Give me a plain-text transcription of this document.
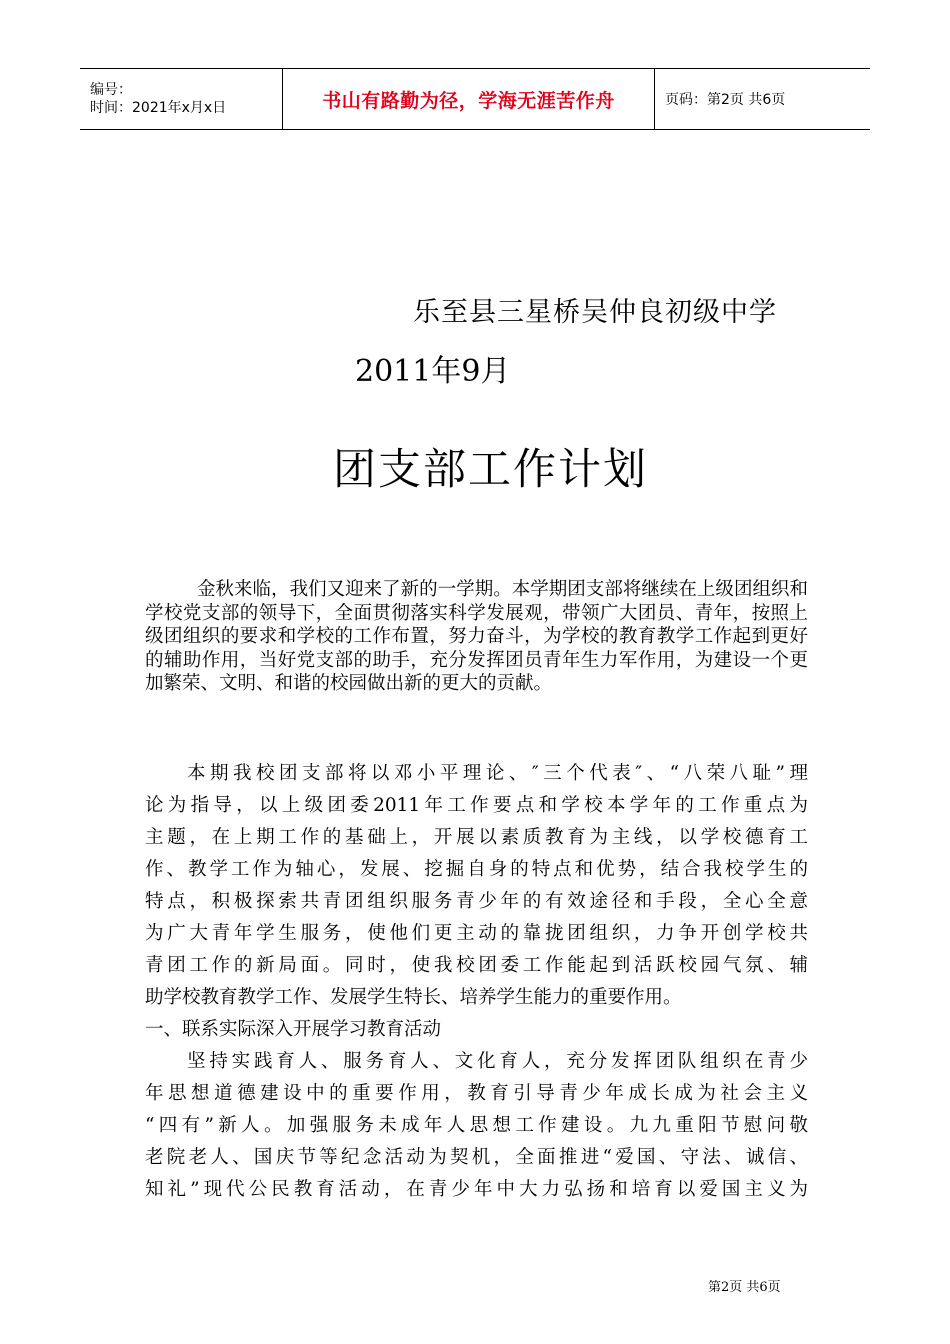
编号：
时间：2021年x月x日	书山有路勤为径，学海无涯苦作舟	页码：第2页 共6页
乐至县三星桥吴仲良初级中学
2011年9月
团支部工作计划
金秋来临，我们又迎来了新的一学期。本学期团支部将继续在上级团组织和学校党支部的领导下，全面贯彻落实科学发展观，带领广大团员、青年，按照上级团组织的要求和学校的工作布置，努力奋斗，为学校的教育教学工作起到更好的辅助作用，当好党支部的助手，充分发挥团员青年生力军作用，为建设一个更加繁荣、文明、和谐的校园做出新的更大的贡献。
本期我校团支部将以邓小平理论、″三个代表″、“八荣八耻”理
论为指导，以上级团委2011年工作要点和学校本学年的工作重点为
主题，在上期工作的基础上，开展以素质教育为主线，以学校德育工
作、教学工作为轴心，发展、挖掘自身的特点和优势，结合我校学生的
特点，积极探索共青团组织服务青少年的有效途径和手段，全心全意
为广大青年学生服务，使他们更主动的靠拢团组织，力争开创学校共
青团工作的新局面。同时，使我校团委工作能起到活跃校园气氛、辅
助学校教育教学工作、发展学生特长、培养学生能力的重要作用。
一、联系实际深入开展学习教育活动
坚持实践育人、服务育人、文化育人，充分发挥团队组织在青少
年思想道德建设中的重要作用，教育引导青少年成长成为社会主义
“四有”新人。加强服务未成年人思想工作建设。九九重阳节慰问敬
老院老人、国庆节等纪念活动为契机，全面推进“爱国、守法、诚信、
知礼”现代公民教育活动，在青少年中大力弘扬和培育以爱国主义为
第2页 共6页
